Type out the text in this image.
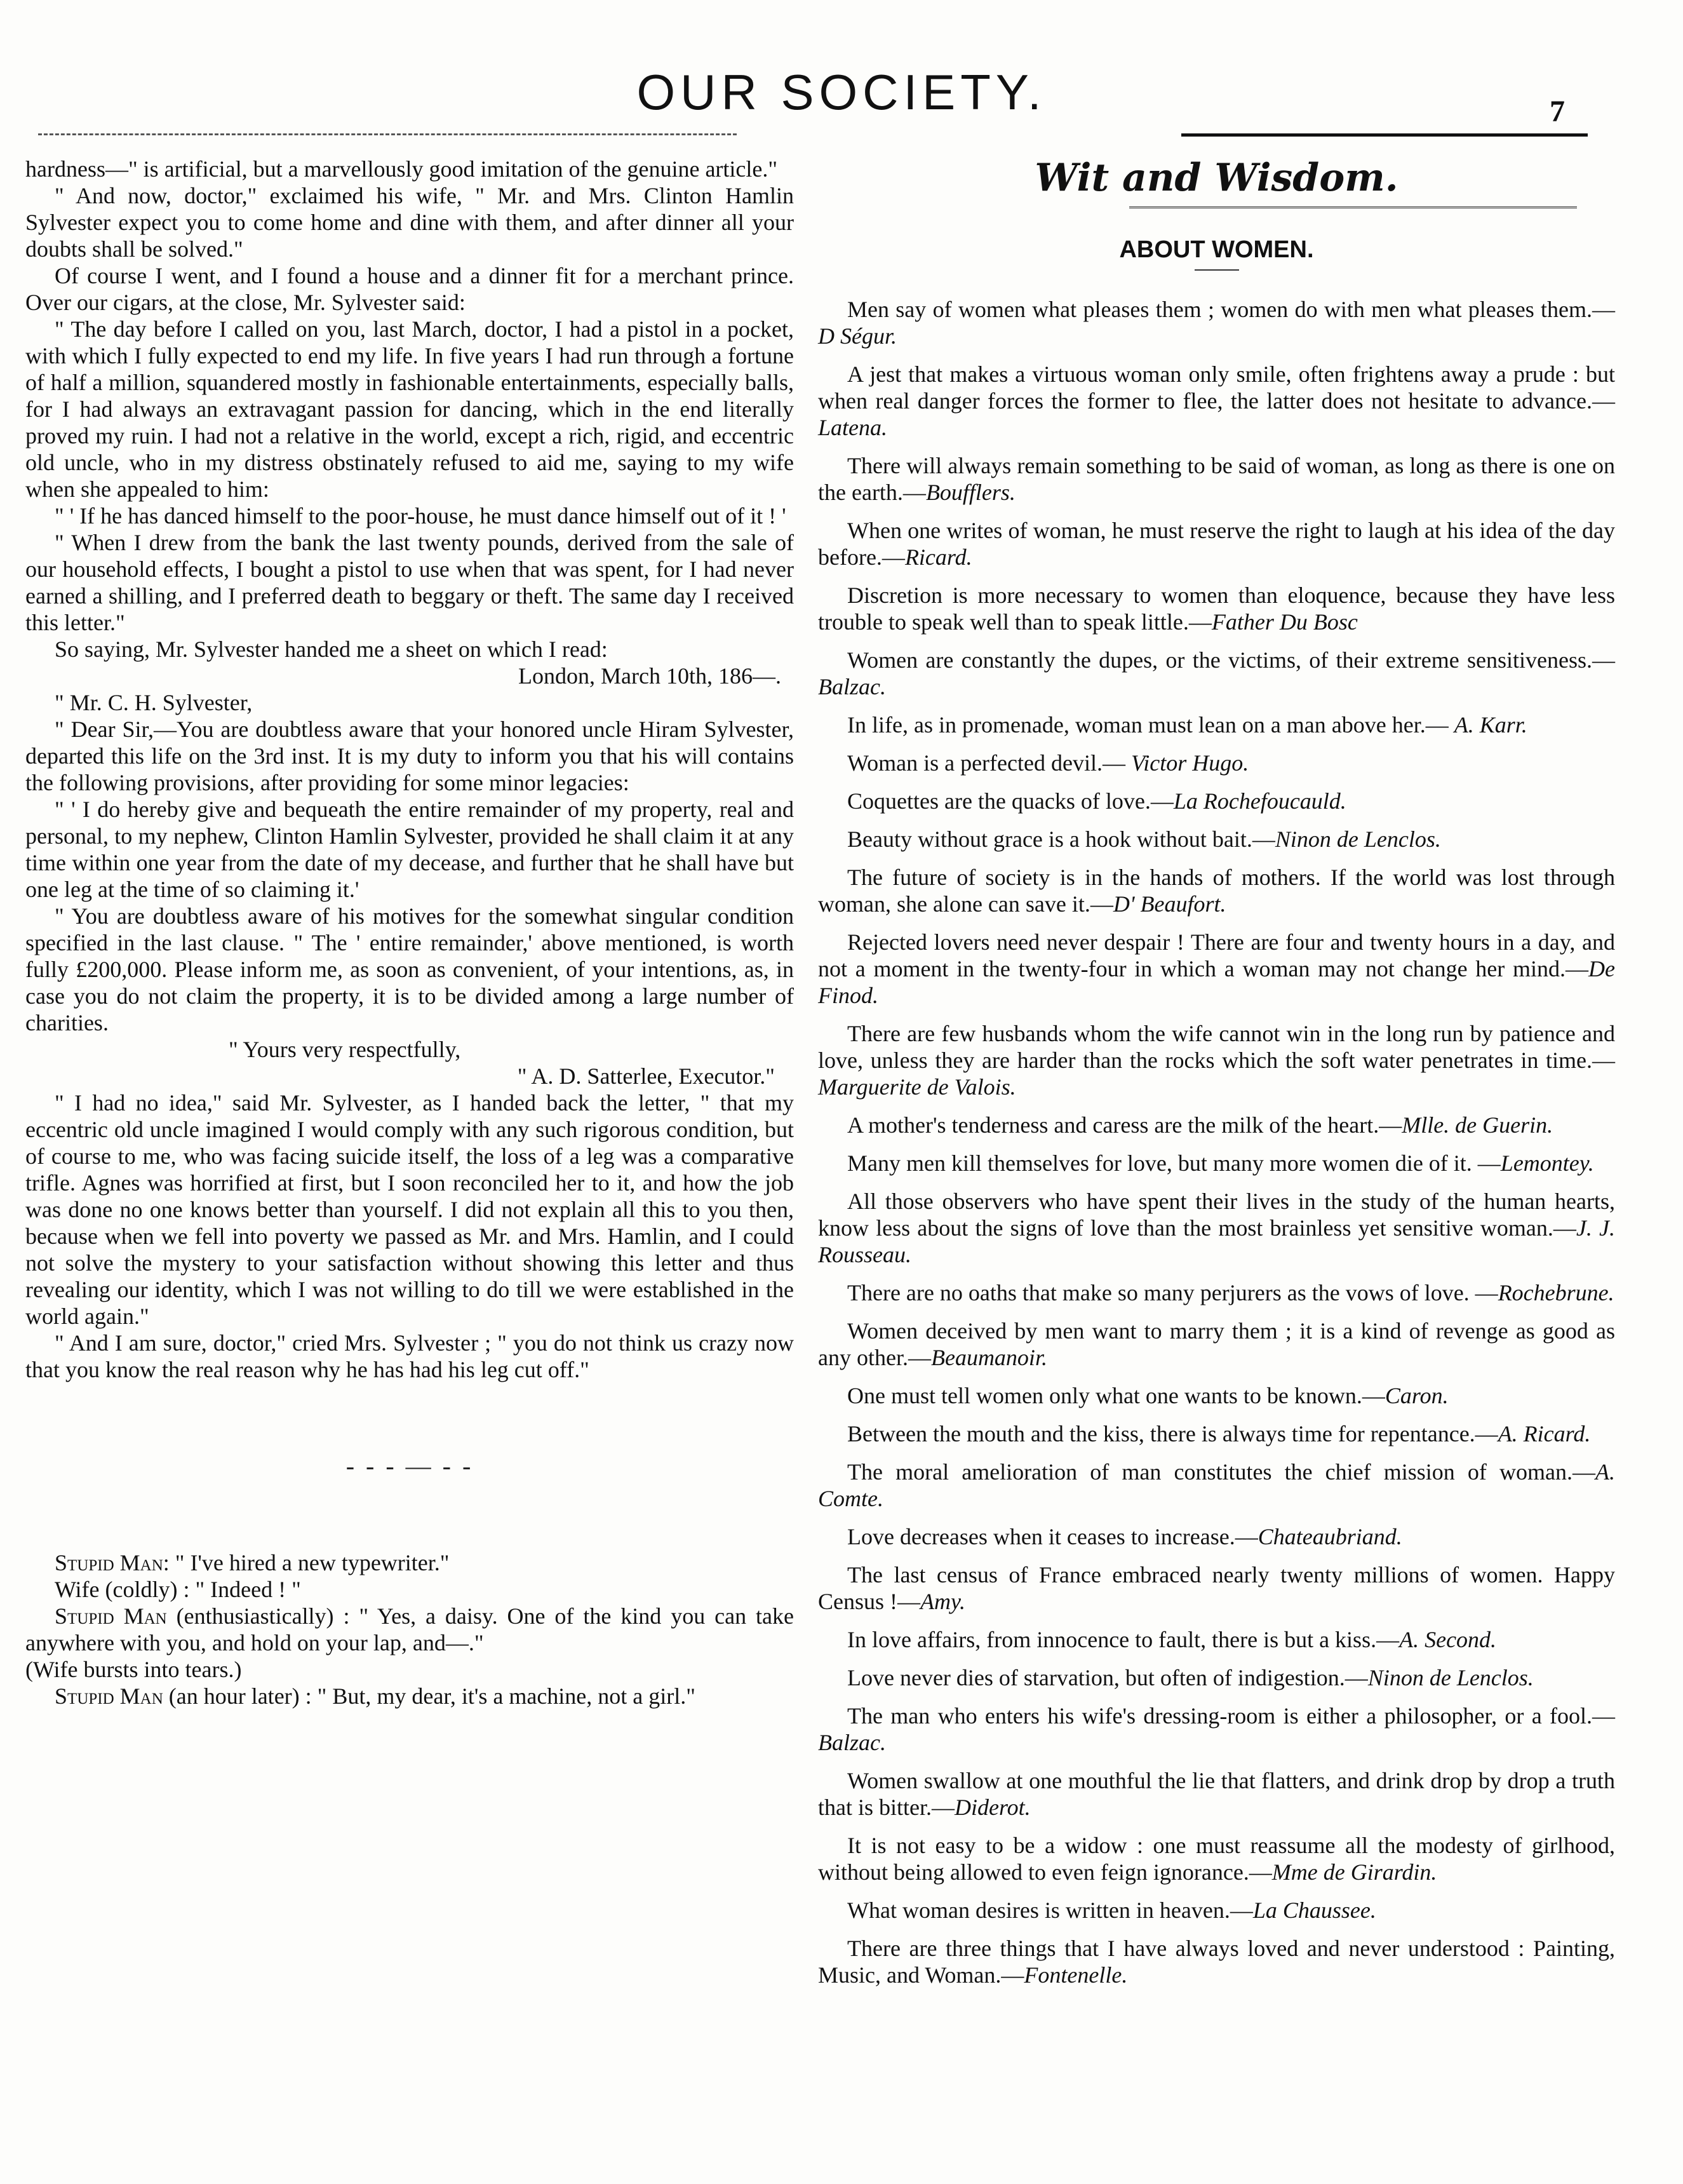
OUR SOCIETY.	7

hardness—" is artificial, but a marvellously good imitation of the genuine article."

" And now, doctor," exclaimed his wife, " Mr. and Mrs. Clinton Hamlin Sylvester expect you to come home and dine with them, and after dinner all your doubts shall be solved."

Of course I went, and I found a house and a dinner fit for a merchant prince. Over our cigars, at the close, Mr. Sylvester said:

" The day before I called on you, last March, doctor, I had a pistol in a pocket, with which I fully expected to end my life. In five years I had run through a fortune of half a million, squandered mostly in fashionable entertainments, especially balls, for I had always an extravagant passion for dancing, which in the end literally proved my ruin. I had not a relative in the world, except a rich, rigid, and eccentric old uncle, who in my distress obstinately refused to aid me, saying to my wife when she appealed to him:

" ' If he has danced himself to the poor-house, he must dance himself out of it ! '

" When I drew from the bank the last twenty pounds, derived from the sale of our household effects, I bought a pistol to use when that was spent, for I had never earned a shilling, and I preferred death to beggary or theft. The same day I received this letter."

So saying, Mr. Sylvester handed me a sheet on which I read:

London, March 10th, 186—.

" Mr. C. H. Sylvester,

" Dear Sir,—You are doubtless aware that your honored uncle Hiram Sylvester, departed this life on the 3rd inst. It is my duty to inform you that his will contains the following provisions, after providing for some minor legacies:

" ' I do hereby give and bequeath the entire remainder of my property, real and personal, to my nephew, Clinton Hamlin Sylvester, provided he shall claim it at any time within one year from the date of my decease, and further that he shall have but one leg at the time of so claiming it.'

" You are doubtless aware of his motives for the somewhat singular condition specified in the last clause. " The ' entire remainder,' above mentioned, is worth fully £200,000. Please inform me, as soon as convenient, of your intentions, as, in case you do not claim the property, it is to be divided among a large number of charities.

" Yours very respectfully,

" A. D. Satterlee, Executor."

" I had no idea," said Mr. Sylvester, as I handed back the letter, " that my eccentric old uncle imagined I would comply with any such rigorous condition, but of course to me, who was facing suicide itself, the loss of a leg was a comparative trifle. Agnes was horrified at first, but I soon reconciled her to it, and how the job was done no one knows better than yourself. I did not explain all this to you then, because when we fell into poverty we passed as Mr. and Mrs. Hamlin, and I could not solve the mystery to your satisfaction without showing this letter and thus revealing our identity, which I was not willing to do till we were established in the world again."

" And I am sure, doctor," cried Mrs. Sylvester ; " you do not think us crazy now that you know the real reason why he has had his leg cut off."

- - - — - -

Stupid Man: " I've hired a new typewriter."

Wife (coldly) : " Indeed ! "

Stupid Man (enthusiastically) : " Yes, a daisy. One of the kind you can take anywhere with you, and hold on your lap, and—."

(Wife bursts into tears.)

Stupid Man (an hour later) : " But, my dear, it's a machine, not a girl."

Wit and Wisdom.
ABOUT WOMEN.

Men say of women what pleases them ; women do with men what pleases them.—D Ségur.

A jest that makes a virtuous woman only smile, often frightens away a prude : but when real danger forces the former to flee, the latter does not hesitate to advance.—Latena.

There will always remain something to be said of woman, as long as there is one on the earth.—Boufflers.

When one writes of woman, he must reserve the right to laugh at his idea of the day before.—Ricard.

Discretion is more necessary to women than eloquence, because they have less trouble to speak well than to speak little.—Father Du Bosc

Women are constantly the dupes, or the victims, of their extreme sensitiveness.—Balzac.

In life, as in promenade, woman must lean on a man above her.— A. Karr.

Woman is a perfected devil.— Victor Hugo.

Coquettes are the quacks of love.—La Rochefoucauld.

Beauty without grace is a hook without bait.—Ninon de Lenclos.

The future of society is in the hands of mothers. If the world was lost through woman, she alone can save it.—D' Beaufort.

Rejected lovers need never despair ! There are four and twenty hours in a day, and not a moment in the twenty-four in which a woman may not change her mind.—De Finod.

There are few husbands whom the wife cannot win in the long run by patience and love, unless they are harder than the rocks which the soft water penetrates in time.—Marguerite de Valois.

A mother's tenderness and caress are the milk of the heart.—Mlle. de Guerin.

Many men kill themselves for love, but many more women die of it. —Lemontey.

All those observers who have spent their lives in the study of the human hearts, know less about the signs of love than the most brainless yet sensitive woman.—J. J. Rousseau.

There are no oaths that make so many perjurers as the vows of love. —Rochebrune.

Women deceived by men want to marry them ; it is a kind of revenge as good as any other.—Beaumanoir.

One must tell women only what one wants to be known.—Caron.

Between the mouth and the kiss, there is always time for repentance.—A. Ricard.

The moral amelioration of man constitutes the chief mission of woman.—A. Comte.

Love decreases when it ceases to increase.—Chateaubriand.

The last census of France embraced nearly twenty millions of women. Happy Census !—Amy.

In love affairs, from innocence to fault, there is but a kiss.—A. Second.

Love never dies of starvation, but often of indigestion.—Ninon de Lenclos.

The man who enters his wife's dressing-room is either a philosopher, or a fool.—Balzac.

Women swallow at one mouthful the lie that flatters, and drink drop by drop a truth that is bitter.—Diderot.

It is not easy to be a widow : one must reassume all the modesty of girlhood, without being allowed to even feign ignorance.—Mme de Girardin.

What woman desires is written in heaven.—La Chaussee.

There are three things that I have always loved and never understood : Painting, Music, and Woman.—Fontenelle.
